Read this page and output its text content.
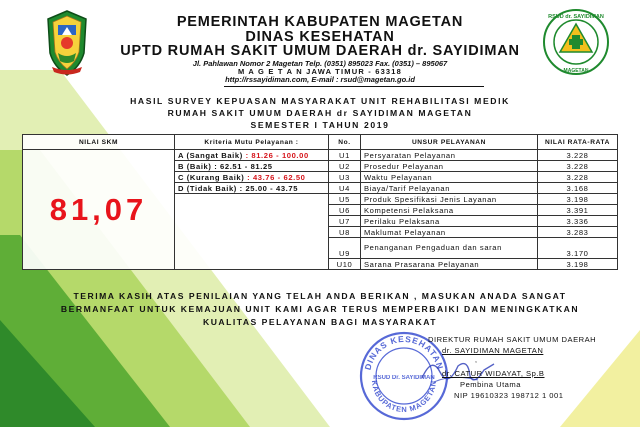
RSUD dr. SAYIDIMAN
MAGETAN
PEMERINTAH KABUPATEN MAGETAN
DINAS KESEHATAN
UPTD RUMAH SAKIT UMUM DAERAH dr. SAYIDIMAN
Jl. Pahlawan Nomor 2 Magetan Telp. (0351) 895023 Fax. (0351) – 895067
M A G E T A N JAWA TIMUR - 63318
http://rssayidiman.com, E-mail : rsud@magetan.go.id
HASIL SURVEY KEPUASAN MASYARAKAT UNIT REHABILITASI MEDIK
RUMAH SAKIT UMUM DAERAH dr SAYIDIMAN MAGETAN
SEMESTER I TAHUN 2019
NILAI SKM	Kriteria Mutu Pelayanan :	No.	UNSUR PELAYANAN	NILAI RATA-RATA
81,07	A (Sangat Baik) : 81.26 - 100.00	U1	Persyaratan Pelayanan	3.228
	B (Baik) : 62.51 - 81.25	U2	Prosedur Pelayanan	3.228
	C (Kurang Baik) : 43.76 - 62.50	U3	Waktu Pelayanan	3.228
	D (Tidak Baik) : 25.00 - 43.75	U4	Biaya/Tarif Pelayanan	3.168
		U5	Produk Spesifikasi Jenis Layanan	3.198
		U6	Kompetensi Pelaksana	3.391
		U7	Perilaku Pelaksana	3.336
		U8	Maklumat Pelayanan	3.283
		U9	Penanganan Pengaduan dan saran	3.170
		U10	Sarana Prasarana Pelayanan	3.198
TERIMA KASIH ATAS PENILAIAN YANG TELAH ANDA BERIKAN , MASUKAN ANADA SANGAT
BERMANFAAT UNTUK KEMAJUAN UNIT KAMI AGAR TERUS MEMPERBAIKI DAN MENINGKATKAN
KUALITAS PELAYANAN BAGI MASYARAKAT
DINAS KESEHATAN
KABUPATEN MAGETAN
RSUD Dr. SAYIDIMAN
DIREKTUR RUMAH SAKIT UMUM DAERAH
dr. SAYIDIMAN MAGETAN
,
dr. CATUR WIDAYAT, Sp.B
Pembina Utama
NIP 19610323 198712 1 001
